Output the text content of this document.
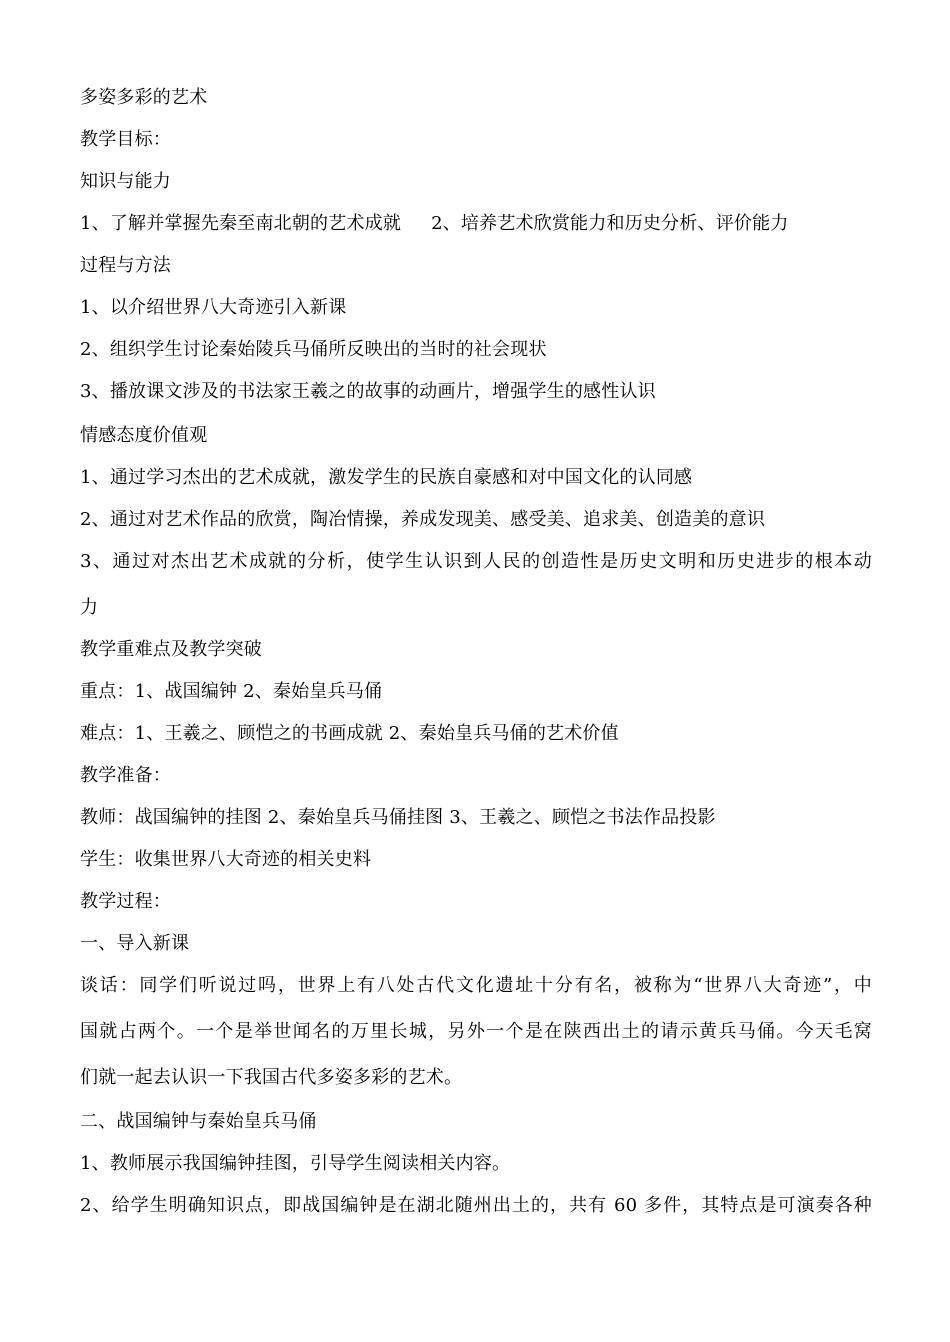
多姿多彩的艺术
教学目标：
知识与能力
1、了解并掌握先秦至南北朝的艺术成就 2、培养艺术欣赏能力和历史分析、评价能力
过程与方法
1、以介绍世界八大奇迹引入新课
2、组织学生讨论秦始陵兵马俑所反映出的当时的社会现状
3、播放课文涉及的书法家王羲之的故事的动画片，增强学生的感性认识
情感态度价值观
1、通过学习杰出的艺术成就，激发学生的民族自豪感和对中国文化的认同感
2、通过对艺术作品的欣赏，陶冶情操，养成发现美、感受美、追求美、创造美的意识
3、通过对杰出艺术成就的分析，使学生认识到人民的创造性是历史文明和历史进步的根本动
力
教学重难点及教学突破
重点：1、战国编钟 2、秦始皇兵马俑
难点：1、王羲之、顾恺之的书画成就 2、秦始皇兵马俑的艺术价值
教学准备：
教师：战国编钟的挂图 2、秦始皇兵马俑挂图 3、王羲之、顾恺之书法作品投影
学生：收集世界八大奇迹的相关史料
教学过程：
一、导入新课
谈话：同学们听说过吗，世界上有八处古代文化遗址十分有名，被称为“世界八大奇迹”，中
国就占两个。一个是举世闻名的万里长城，另外一个是在陕西出土的请示黄兵马俑。今天毛窝
们就一起去认识一下我国古代多姿多彩的艺术。
二、战国编钟与秦始皇兵马俑
1、教师展示我国编钟挂图，引导学生阅读相关内容。
2、给学生明确知识点，即战国编钟是在湖北随州出土的，共有 60 多件，其特点是可演奏各种
